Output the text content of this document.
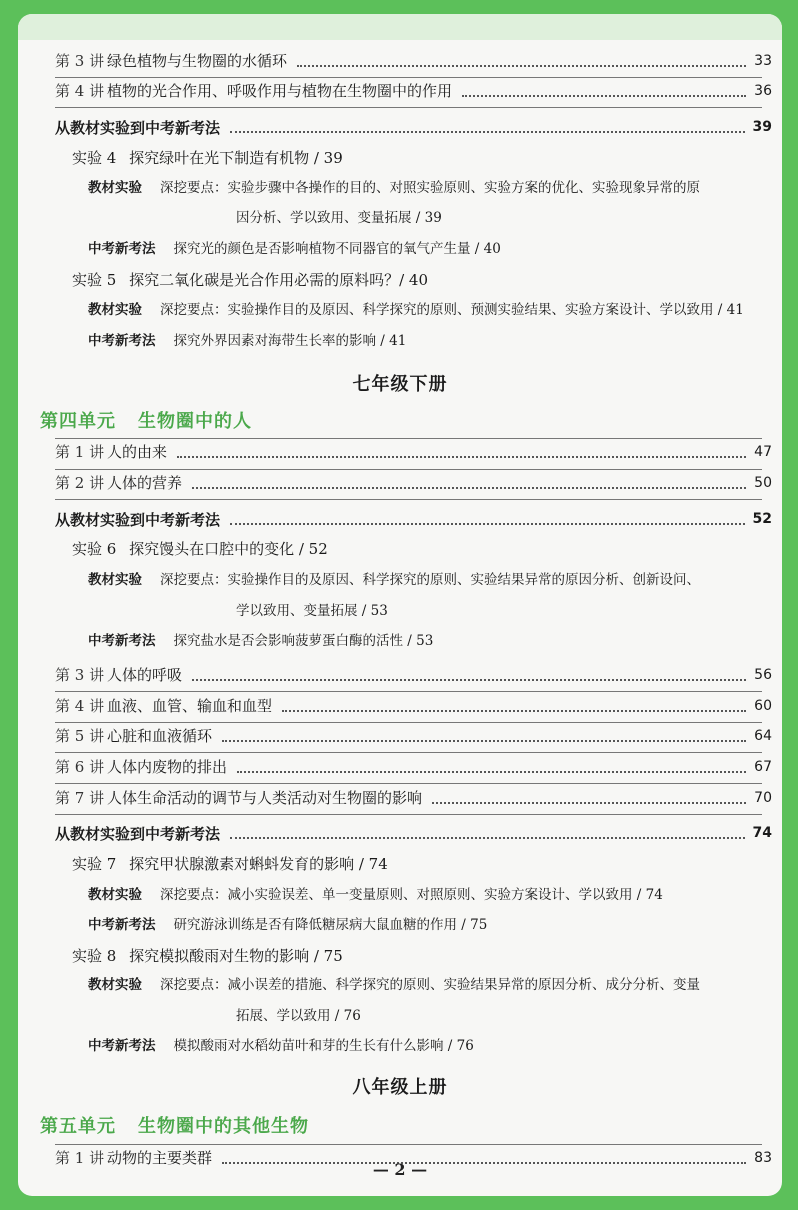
第 3 讲 绿色植物与生物圈的水循环	33
第 4 讲 植物的光合作用、呼吸作用与植物在生物圈中的作用	36
从教材实验到中考新考法	39
实验 4 探究绿叶在光下制造有机物 / 39
教材实验 深挖要点：实验步骤中各操作的目的、对照实验原则、实验方案的优化、实验现象异常的原
因分析、学以致用、变量拓展 / 39
中考新考法 探究光的颜色是否影响植物不同器官的氧气产生量 / 40
实验 5 探究二氧化碳是光合作用必需的原料吗？/ 40
教材实验 深挖要点：实验操作目的及原因、科学探究的原则、预测实验结果、实验方案设计、学以致用 / 41
中考新考法 探究外界因素对海带生长率的影响 / 41
七年级下册
第四单元 生物圈中的人
第 1 讲 人的由来	47
第 2 讲 人体的营养	50
从教材实验到中考新考法	52
实验 6 探究馒头在口腔中的变化 / 52
教材实验 深挖要点：实验操作目的及原因、科学探究的原则、实验结果异常的原因分析、创新设问、
学以致用、变量拓展 / 53
中考新考法 探究盐水是否会影响菠萝蛋白酶的活性 / 53
第 3 讲 人体的呼吸	56
第 4 讲 血液、血管、输血和血型	60
第 5 讲 心脏和血液循环	64
第 6 讲 人体内废物的排出	67
第 7 讲 人体生命活动的调节与人类活动对生物圈的影响	70
从教材实验到中考新考法	74
实验 7 探究甲状腺激素对蝌蚪发育的影响 / 74
教材实验 深挖要点：减小实验误差、单一变量原则、对照原则、实验方案设计、学以致用 / 74
中考新考法 研究游泳训练是否有降低糖尿病大鼠血糖的作用 / 75
实验 8 探究模拟酸雨对生物的影响 / 75
教材实验 深挖要点：减小误差的措施、科学探究的原则、实验结果异常的原因分析、成分分析、变量
拓展、学以致用 / 76
中考新考法 模拟酸雨对水稻幼苗叶和芽的生长有什么影响 / 76
八年级上册
第五单元 生物圈中的其他生物
第 1 讲 动物的主要类群	83
— 2 —
